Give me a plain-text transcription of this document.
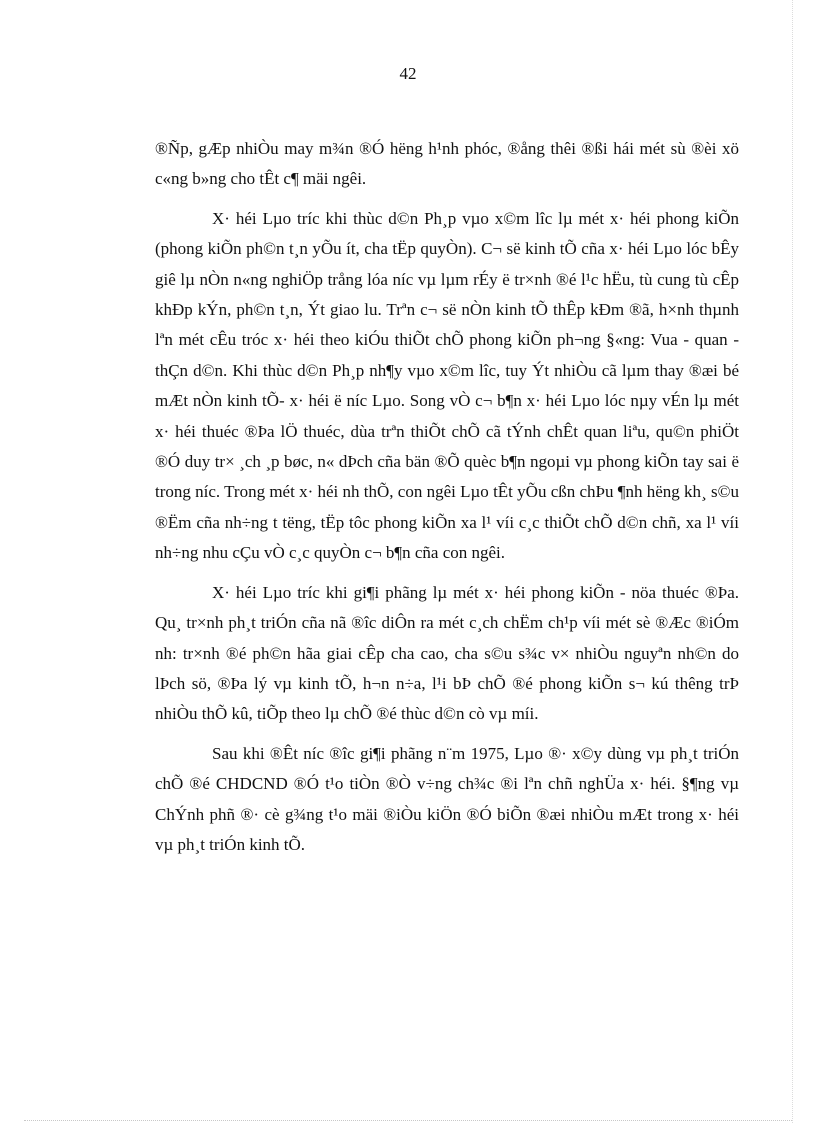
42

®Ñp, gÆp nhiÒu may m¾n ®Ó hëng h¹nh phóc, ®ång thêi ®ßi hái mét sù ®èi xö c«ng b»ng cho tÊt c¶ mäi ngêi.

X· héi Lµo tríc khi thùc d©n Ph¸p vµo x©m lîc lµ mét x· héi phong kiÕn (phong kiÕn ph©n t¸n yÕu ít, cha tËp quyÒn). C¬ së kinh tÕ cña x· héi Lµo lóc bÊy giê lµ nÒn n«ng nghiÖp trång lóa níc vµ lµm rÉy ë tr×nh ®é l¹c hËu, tù cung tù cÊp khÐp kÝn, ph©n t¸n, Ýt giao lu. Trªn c¬ së nÒn kinh tÕ thÊp kÐm ®ã, h×nh thµnh lªn mét cÊu tróc x· héi theo kiÓu thiÕt chÕ phong kiÕn ph¬ng §«ng: Vua - quan - thÇn d©n. Khi thùc d©n Ph¸p nh¶y vµo x©m lîc, tuy Ýt nhiÒu cã lµm thay ®æi bé mÆt nÒn kinh tÕ- x· héi ë níc Lµo. Song vÒ c¬ b¶n x· héi Lµo lóc nµy vÉn lµ mét x· héi thuéc ®Þa lÖ thuéc, dùa trªn thiÕt chÕ cã tÝnh chÊt quan liªu, qu©n phiÖt ®Ó duy tr× ¸ch ¸p bøc, n« dÞch cña bän ®Õ quèc b¶n ngoµi vµ phong kiÕn tay sai ë trong níc. Trong mét x· héi nh thÕ, con ngêi Lµo tÊt yÕu cßn chÞu ¶nh hëng kh¸ s©u ®Ëm cña nh÷ng t tëng, tËp tôc phong kiÕn xa l¹ víi c¸c thiÕt chÕ d©n chñ, xa l¹ víi nh÷ng nhu cÇu vÒ c¸c quyÒn c¬ b¶n cña con ngêi.

X· héi Lµo tríc khi gi¶i phãng lµ mét x· héi phong kiÕn - nöa thuéc ®Þa. Qu¸ tr×nh ph¸t triÓn cña nã ®îc diÔn ra mét c¸ch chËm ch¹p víi mét sè ®Æc ®iÓm nh: tr×nh ®é ph©n hãa giai cÊp cha cao, cha s©u s¾c v× nhiÒu nguyªn nh©n do lÞch sö, ®Þa lý vµ kinh tÕ, h¬n n÷a, l¹i bÞ chÕ ®é phong kiÕn s¬ kú thêng trÞ nhiÒu thÕ kû, tiÕp theo lµ chÕ ®é thùc d©n cò vµ míi.

Sau khi ®Êt níc ®îc gi¶i phãng n¨m 1975, Lµo ®· x©y dùng vµ ph¸t triÓn chÕ ®é CHDCND ®Ó t¹o tiÒn ®Ò v÷ng ch¾c ®i lªn chñ nghÜa x· héi. §¶ng vµ ChÝnh phñ ®· cè g¾ng t¹o mäi ®iÒu kiÖn ®Ó biÕn ®æi nhiÒu mÆt trong x· héi vµ ph¸t triÓn kinh tÕ.
